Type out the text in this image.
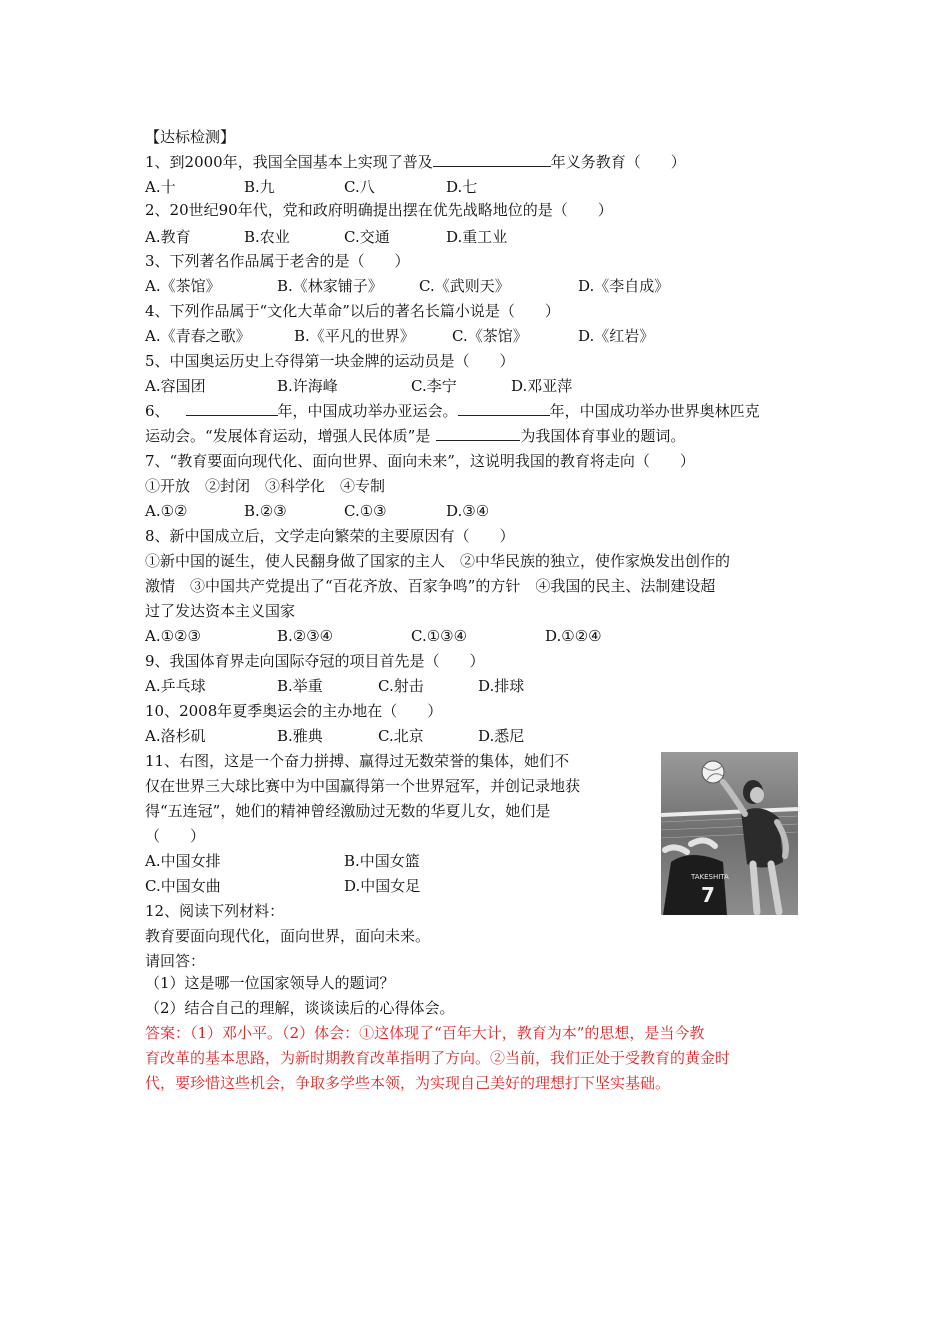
【达标检测】
1、到2000年，我国全国基本上实现了普及	年义务教育（　　）
A.十	B.九	C.八	D.七
2、20世纪90年代，党和政府明确提出摆在优先战略地位的是（　　）
A.教育	B.农业	C.交通	D.重工业
3、下列著名作品属于老舍的是（　　）
A.《茶馆》	B.《林家铺子》 C.《武则天》	D.《李自成》
4、下列作品属于“文化大革命”以后的著名长篇小说是（　　）
A.《青春之歌》	B.《平凡的世界》 C.《茶馆》	D.《红岩》
5、中国奥运历史上夺得第一块金牌的运动员是（　　）
A.容国团	B.许海峰	C.李宁	D.邓亚萍
6、	年，中国成功举办亚运会。	年，中国成功举办世界奥林匹克
运动会。“发展体育运动，增强人民体质”是	为我国体育事业的题词。
7、“教育要面向现代化、面向世界、面向未来”，这说明我国的教育将走向（　　）
①开放　②封闭　③科学化　④专制
A.①②	B.②③	C.①③	D.③④
8、新中国成立后，文学走向繁荣的主要原因有（　　）
①新中国的诞生，使人民翻身做了国家的主人　②中华民族的独立，使作家焕发出创作的
激情　③中国共产党提出了“百花齐放、百家争鸣”的方针　④我国的民主、法制建设超
过了发达资本主义国家
A.①②③	B.②③④	C.①③④	D.①②④
9、我国体育界走向国际夺冠的项目首先是（　　）
A.乒乓球	B.举重	C.射击	D.排球
10、2008年夏季奥运会的主办地在（　　）
A.洛杉矶	B.雅典	C.北京	D.悉尼
11、右图，这是一个奋力拼搏、赢得过无数荣誉的集体，她们不
仅在世界三大球比赛中为中国赢得第一个世界冠军，并创记录地获
得“五连冠”，她们的精神曾经激励过无数的华夏儿女，她们是
（　　）
A.中国女排	B.中国女篮
C.中国女曲	D.中国女足	TAKESHITA
7
12、阅读下列材料：
教育要面向现代化，面向世界，面向未来。
请回答：
（1）这是哪一位国家领导人的题词？
（2）结合自己的理解，谈谈读后的心得体会。
答案：（1）邓小平。（2）体会：①这体现了“百年大计，教育为本”的思想，是当今教
育改革的基本思路，为新时期教育改革指明了方向。②当前，我们正处于受教育的黄金时
代，要珍惜这些机会，争取多学些本领，为实现自己美好的理想打下坚实基础。
